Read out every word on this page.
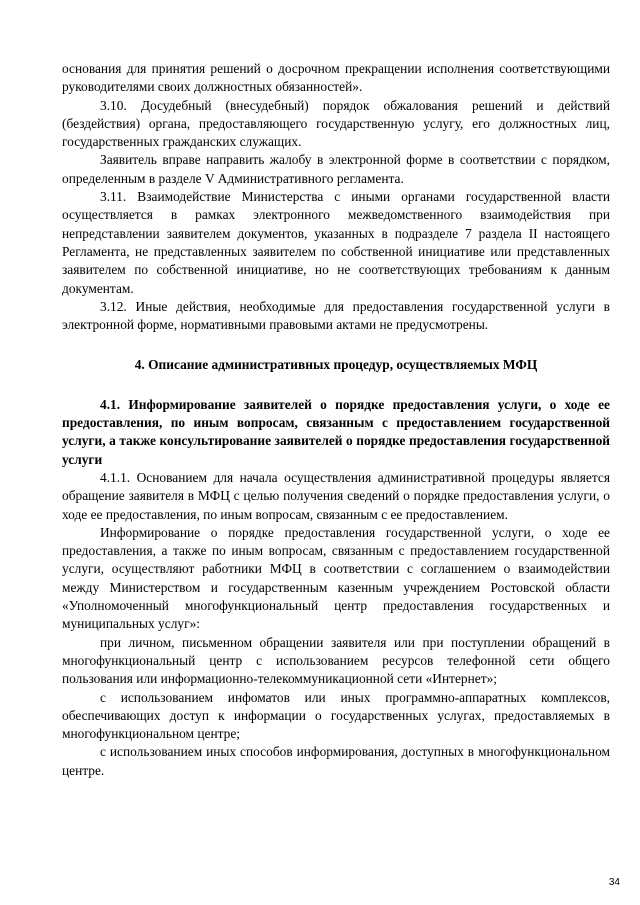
основания для принятия решений о досрочном прекращении исполнения соответствующими руководителями своих должностных обязанностей».

3.10. Досудебный (внесудебный) порядок обжалования решений и действий (бездействия) органа, предоставляющего государственную услугу, его должностных лиц, государственных гражданских служащих.

Заявитель вправе направить жалобу в электронной форме в соответствии с порядком, определенным в разделе V Административного регламента.

3.11. Взаимодействие Министерства с иными органами государственной власти осуществляется в рамках электронного межведомственного взаимодействия при непредставлении заявителем документов, указанных в подразделе 7 раздела II настоящего Регламента, не представленных заявителем по собственной инициативе или представленных заявителем по собственной инициативе, но не соответствующих требованиям к данным документам.

3.12. Иные действия, необходимые для предоставления государственной услуги в электронной форме, нормативными правовыми актами не предусмотрены.

4. Описание административных процедур, осуществляемых МФЦ

4.1. Информирование заявителей о порядке предоставления услуги, о ходе ее предоставления, по иным вопросам, связанным с предоставлением государственной услуги, а также консультирование заявителей о порядке предоставления государственной услуги

4.1.1. Основанием для начала осуществления административной процедуры является обращение заявителя в МФЦ с целью получения сведений о порядке предоставления услуги, о ходе ее предоставления, по иным вопросам, связанным с ее предоставлением.

Информирование о порядке предоставления государственной услуги, о ходе ее предоставления, а также по иным вопросам, связанным с предоставлением государственной услуги, осуществляют работники МФЦ в соответствии с соглашением о взаимодействии между Министерством и государственным казенным учреждением Ростовской области «Уполномоченный многофункциональный центр предоставления государственных и муниципальных услуг»:

при личном, письменном обращении заявителя или при поступлении обращений в многофункциональный центр с использованием ресурсов телефонной сети общего пользования или информационно-телекоммуникационной сети «Интернет»;

с использованием инфоматов или иных программно-аппаратных комплексов, обеспечивающих доступ к информации о государственных услугах, предоставляемых в многофункциональном центре;

с использованием иных способов информирования, доступных в многофункциональном центре.

34
